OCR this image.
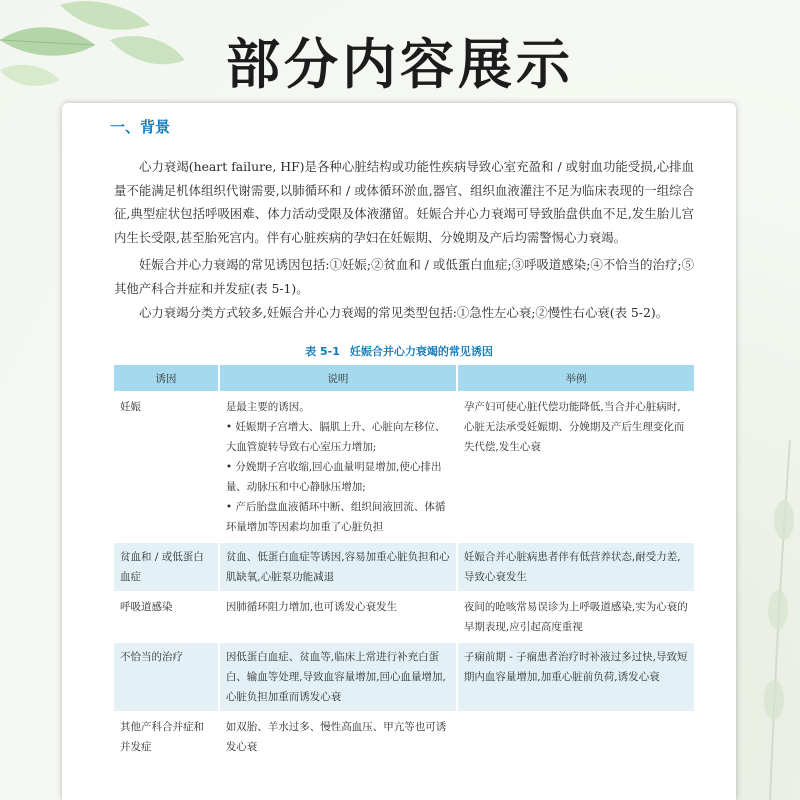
部分内容展示
一、背景
心力衰竭(heart failure, HF)是各种心脏结构或功能性疾病导致心室充盈和 / 或射血功能受损,心排血量不能满足机体组织代谢需要,以肺循环和 / 或体循环淤血,器官、组织血液灌注不足为临床表现的一组综合征,典型症状包括呼吸困难、体力活动受限及体液潴留。妊娠合并心力衰竭可导致胎盘供血不足,发生胎儿宫内生长受限,甚至胎死宫内。伴有心脏疾病的孕妇在妊娠期、分娩期及产后均需警惕心力衰竭。
妊娠合并心力衰竭的常见诱因包括:①妊娠;②贫血和 / 或低蛋白血症;③呼吸道感染;④不恰当的治疗;⑤其他产科合并症和并发症(表 5-1)。
心力衰竭分类方式较多,妊娠合并心力衰竭的常见类型包括:①急性左心衰;②慢性右心衰(表 5-2)。
表 5-1 妊娠合并心力衰竭的常见诱因
诱因	说明	举例
妊娠	是最主要的诱因。
• 妊娠期子宫增大、膈肌上升、心脏向左移位、大血管旋转导致右心室压力增加;
• 分娩期子宫收缩,回心血量明显增加,使心排出量、动脉压和中心静脉压增加;
• 产后胎盘血液循环中断、组织间液回流、体循环量增加等因素均加重了心脏负担	孕产妇可使心脏代偿功能降低,当合并心脏病时,心脏无法承受妊娠期、分娩期及产后生理变化而失代偿,发生心衰
贫血和 / 或低蛋白血症	贫血、低蛋白血症等诱因,容易加重心脏负担和心肌缺氧,心脏泵功能减退	妊娠合并心脏病患者伴有低营养状态,耐受力差,导致心衰发生
呼吸道感染	因肺循环阻力增加,也可诱发心衰发生	夜间的呛咳常易误诊为上呼吸道感染,实为心衰的早期表现,应引起高度重视
不恰当的治疗	因低蛋白血症、贫血等,临床上常进行补充白蛋白、输血等处理,导致血容量增加,回心血量增加,心脏负担加重而诱发心衰	子痫前期 - 子痫患者治疗时补液过多过快,导致短期内血容量增加,加重心脏前负荷,诱发心衰
其他产科合并症和并发症	如双胎、羊水过多、慢性高血压、甲亢等也可诱发心衰	
